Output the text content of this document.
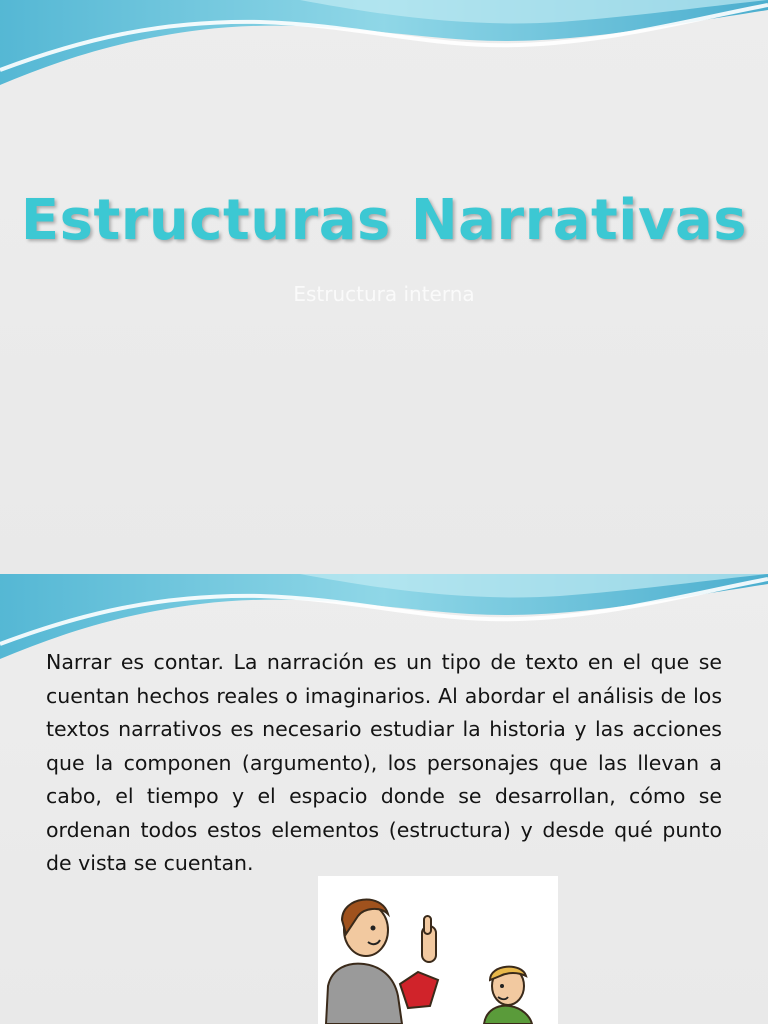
Estructuras Narrativas

Estructura interna

Narrar es contar. La narración es un tipo de texto en el que se cuentan hechos reales o imaginarios. Al abordar el análisis de los textos narrativos es necesario estudiar la historia y las acciones que la componen (argumento), los personajes que las llevan a cabo, el tiempo y el espacio donde se desarrollan, cómo se ordenan todos estos elementos (estructura) y desde qué punto de vista se cuentan.
